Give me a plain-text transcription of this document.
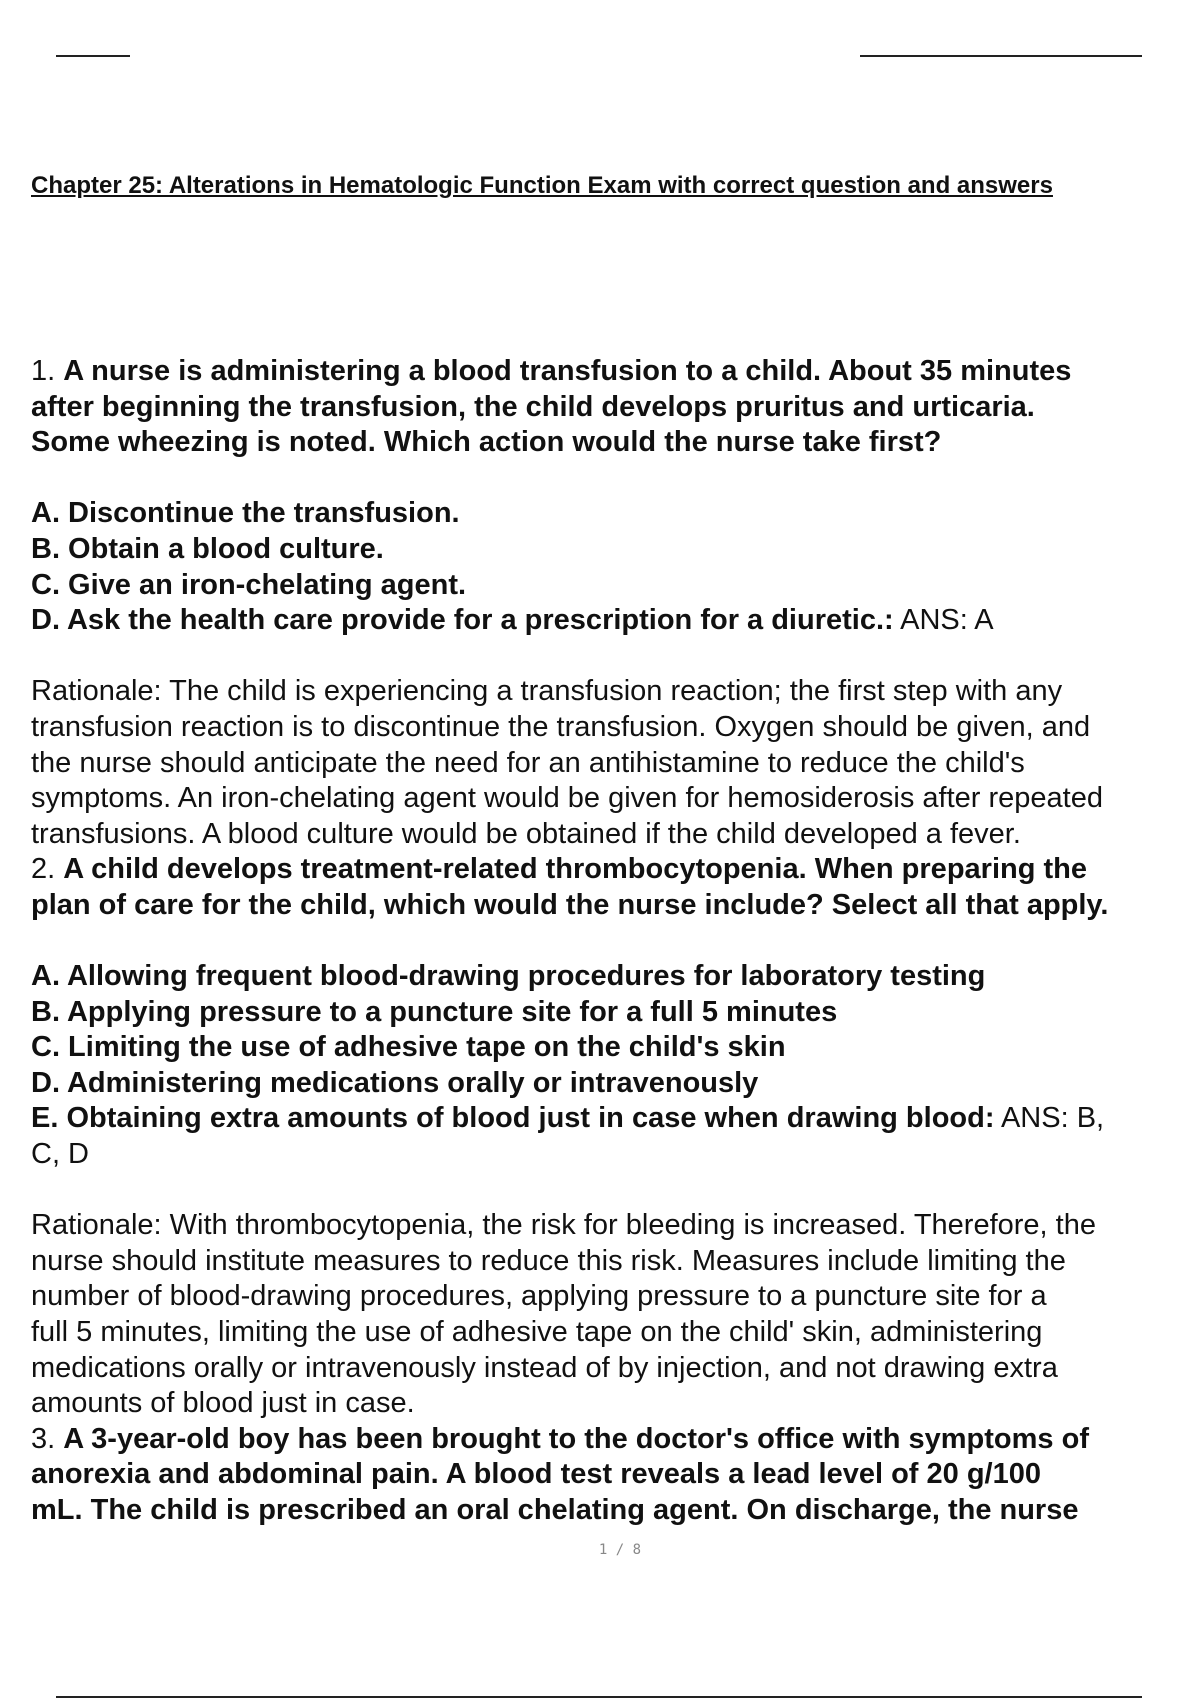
Chapter 25: Alterations in Hematologic Function Exam with correct question and answers
1. A nurse is administering a blood transfusion to a child. About 35 minutes
after beginning the transfusion, the child develops pruritus and urticaria.
Some wheezing is noted. Which action would the nurse take first?
A. Discontinue the transfusion.
B. Obtain a blood culture.
C. Give an iron-chelating agent.
D. Ask the health care provide for a prescription for a diuretic.: ANS: A
Rationale: The child is experiencing a transfusion reaction; the first step with any
transfusion reaction is to discontinue the transfusion. Oxygen should be given, and
the nurse should anticipate the need for an antihistamine to reduce the child's
symptoms. An iron-chelating agent would be given for hemosiderosis after repeated
transfusions. A blood culture would be obtained if the child developed a fever.
2. A child develops treatment-related thrombocytopenia. When preparing the
plan of care for the child, which would the nurse include? Select all that apply.
A. Allowing frequent blood-drawing procedures for laboratory testing
B. Applying pressure to a puncture site for a full 5 minutes
C. Limiting the use of adhesive tape on the child's skin
D. Administering medications orally or intravenously
E. Obtaining extra amounts of blood just in case when drawing blood: ANS: B,
C, D
Rationale: With thrombocytopenia, the risk for bleeding is increased. Therefore, the
nurse should institute measures to reduce this risk. Measures include limiting the
number of blood-drawing procedures, applying pressure to a puncture site for a
full 5 minutes, limiting the use of adhesive tape on the child' skin, administering
medications orally or intravenously instead of by injection, and not drawing extra
amounts of blood just in case.
3. A 3-year-old boy has been brought to the doctor's office with symptoms of
anorexia and abdominal pain. A blood test reveals a lead level of 20 g/100
mL. The child is prescribed an oral chelating agent. On discharge, the nurse
1 / 8
